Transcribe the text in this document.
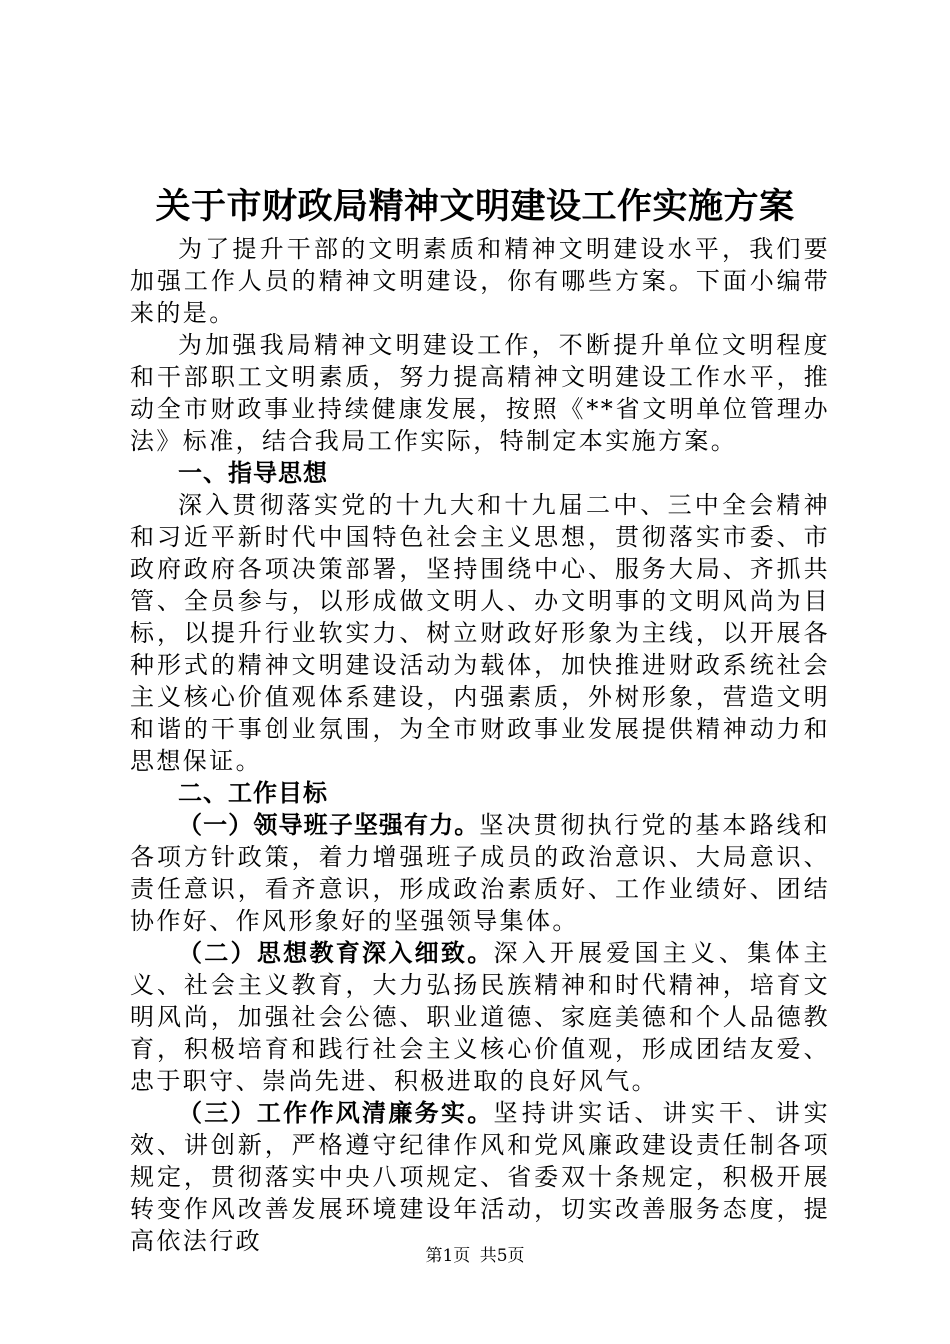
关于市财政局精神文明建设工作实施方案

为了提升干部的文明素质和精神文明建设水平，我们要加强工作人员的精神文明建设，你有哪些方案。下面小编带来的是。

为加强我局精神文明建设工作，不断提升单位文明程度和干部职工文明素质，努力提高精神文明建设工作水平，推动全市财政事业持续健康发展，按照《**省文明单位管理办法》标准，结合我局工作实际，特制定本实施方案。

一、指导思想

深入贯彻落实党的十九大和十九届二中、三中全会精神和习近平新时代中国特色社会主义思想，贯彻落实市委、市政府政府各项决策部署，坚持围绕中心、服务大局、齐抓共管、全员参与，以形成做文明人、办文明事的文明风尚为目标，以提升行业软实力、树立财政好形象为主线，以开展各种形式的精神文明建设活动为载体，加快推进财政系统社会主义核心价值观体系建设，内强素质，外树形象，营造文明和谐的干事创业氛围，为全市财政事业发展提供精神动力和思想保证。

二、工作目标

（一）领导班子坚强有力。坚决贯彻执行党的基本路线和各项方针政策，着力增强班子成员的政治意识、大局意识、责任意识，看齐意识，形成政治素质好、工作业绩好、团结协作好、作风形象好的坚强领导集体。

（二）思想教育深入细致。深入开展爱国主义、集体主义、社会主义教育，大力弘扬民族精神和时代精神，培育文明风尚，加强社会公德、职业道德、家庭美德和个人品德教育，积极培育和践行社会主义核心价值观，形成团结友爱、忠于职守、崇尚先进、积极进取的良好风气。

（三）工作作风清廉务实。坚持讲实话、讲实干、讲实效、讲创新，严格遵守纪律作风和党风廉政建设责任制各项规定，贯彻落实中央八项规定、省委双十条规定，积极开展转变作风改善发展环境建设年活动，切实改善服务态度，提高依法行政

第1页 共5页
